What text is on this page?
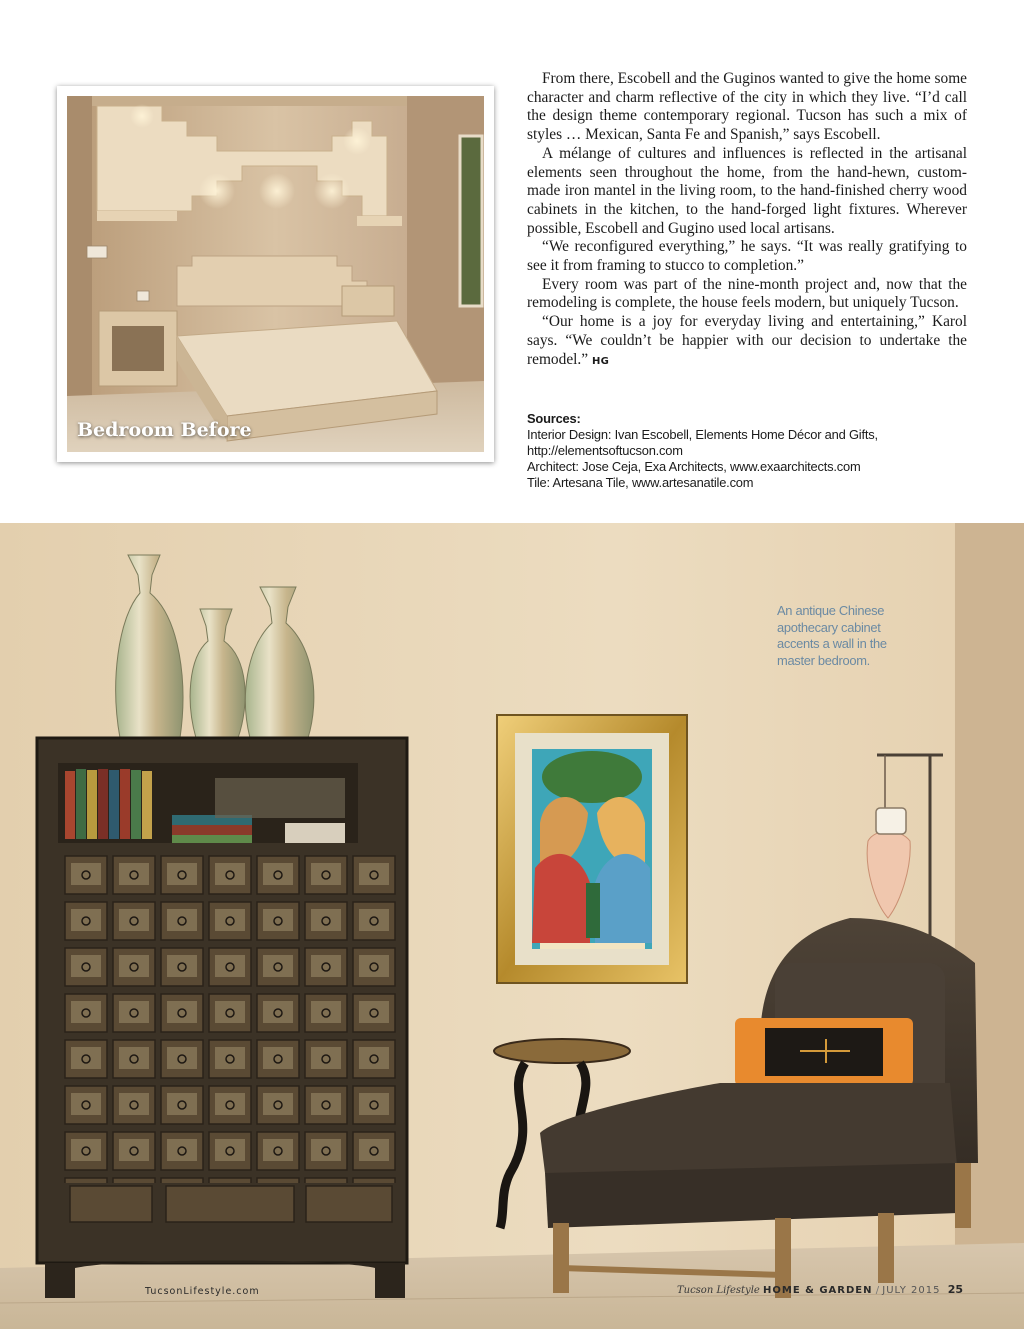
Bedroom Before

From there, Escobell and the Guginos wanted to give the home some character and charm reflective of the city in which they live. “I’d call the design theme contemporary regional. Tucson has such a mix of styles … Mexican, Santa Fe and Spanish,” says Escobell.

A mélange of cultures and influences is reflected in the artisanal elements seen throughout the home, from the hand-hewn, custom-made iron mantel in the living room, to the hand-finished cherry wood cabinets in the kitchen, to the hand-forged light fixtures. Wherever possible, Escobell and Gugino used local artisans.

“We reconfigured everything,” he says. “It was really gratifying to see it from framing to stucco to completion.”

Every room was part of the nine-month project and, now that the remodeling is complete, the house feels modern, but uniquely Tucson.

“Our home is a joy for everyday living and entertaining,” Karol says. “We couldn’t be happier with our decision to undertake the remodel.” HG

Sources:
Interior Design: Ivan Escobell, Elements Home Décor and Gifts,
http://elementsoftucson.com
Architect: Jose Ceja, Exa Architects, www.exaarchitects.com
Tile: Artesana Tile, www.artesanatile.com
An antique Chinese apothecary cabinet accents a wall in the master bedroom.
TucsonLifestyle.com	Tucson Lifestyle HOME & GARDEN / JULY 2015 25
